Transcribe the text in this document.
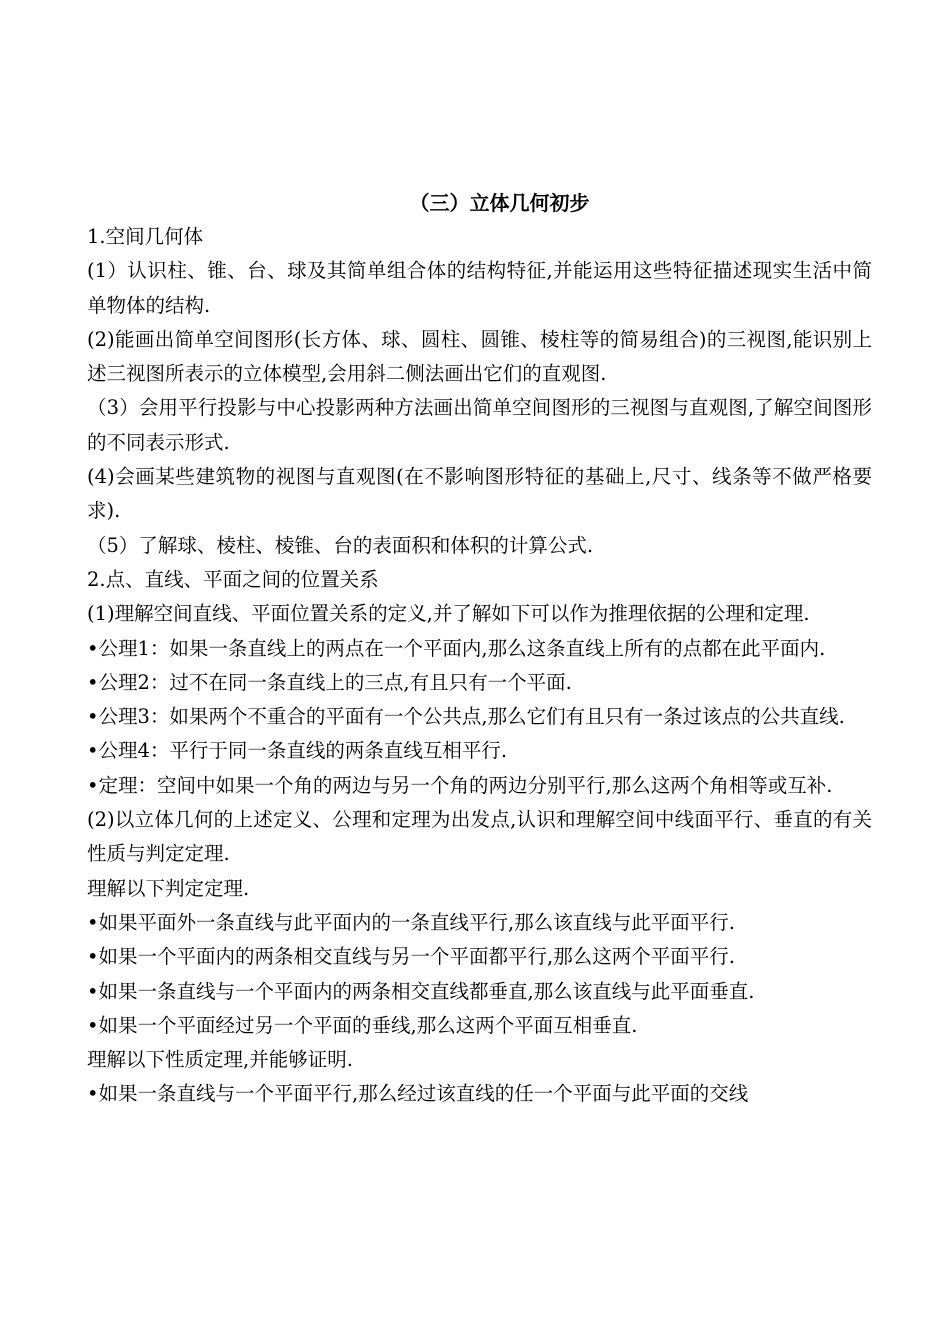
（三）立体几何初步
1.空间几何体
(1）认识柱、锥、台、球及其简单组合体的结构特征,并能运用这些特征描述现实生活中简单物体的结构.
(2)能画出简单空间图形(长方体、球、圆柱、圆锥、棱柱等的简易组合)的三视图,能识别上述三视图所表示的立体模型,会用斜二侧法画出它们的直观图.
（3）会用平行投影与中心投影两种方法画出简单空间图形的三视图与直观图,了解空间图形的不同表示形式.
(4)会画某些建筑物的视图与直观图(在不影响图形特征的基础上,尺寸、线条等不做严格要求).
（5）了解球、棱柱、棱锥、台的表面积和体积的计算公式.
2.点、直线、平面之间的位置关系
(1)理解空间直线、平面位置关系的定义,并了解如下可以作为推理依据的公理和定理.
•公理1：如果一条直线上的两点在一个平面内,那么这条直线上所有的点都在此平面内.
•公理2：过不在同一条直线上的三点,有且只有一个平面.
•公理3：如果两个不重合的平面有一个公共点,那么它们有且只有一条过该点的公共直线.
•公理4：平行于同一条直线的两条直线互相平行.
•定理：空间中如果一个角的两边与另一个角的两边分别平行,那么这两个角相等或互补.
(2)以立体几何的上述定义、公理和定理为出发点,认识和理解空间中线面平行、垂直的有关性质与判定定理.
理解以下判定定理.
•如果平面外一条直线与此平面内的一条直线平行,那么该直线与此平面平行.
•如果一个平面内的两条相交直线与另一个平面都平行,那么这两个平面平行.
•如果一条直线与一个平面内的两条相交直线都垂直,那么该直线与此平面垂直.
•如果一个平面经过另一个平面的垂线,那么这两个平面互相垂直.
理解以下性质定理,并能够证明.
•如果一条直线与一个平面平行,那么经过该直线的任一个平面与此平面的交线
